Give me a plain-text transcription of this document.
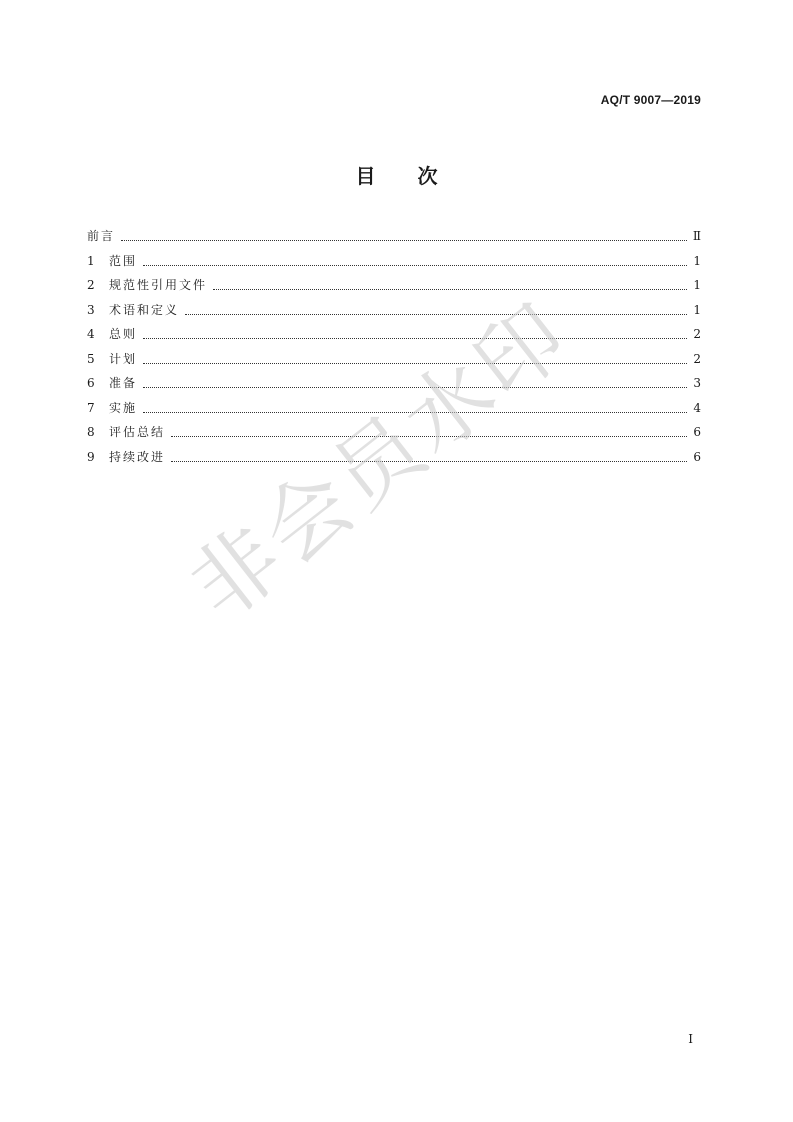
AQ/T 9007—2019
目次
前言	Ⅱ
1	范围	1
2	规范性引用文件	1
3	术语和定义	1
4	总则	2
5	计划	2
6	准备	3
7	实施	4
8	评估总结	6
9	持续改进	6
非会员水印
I
